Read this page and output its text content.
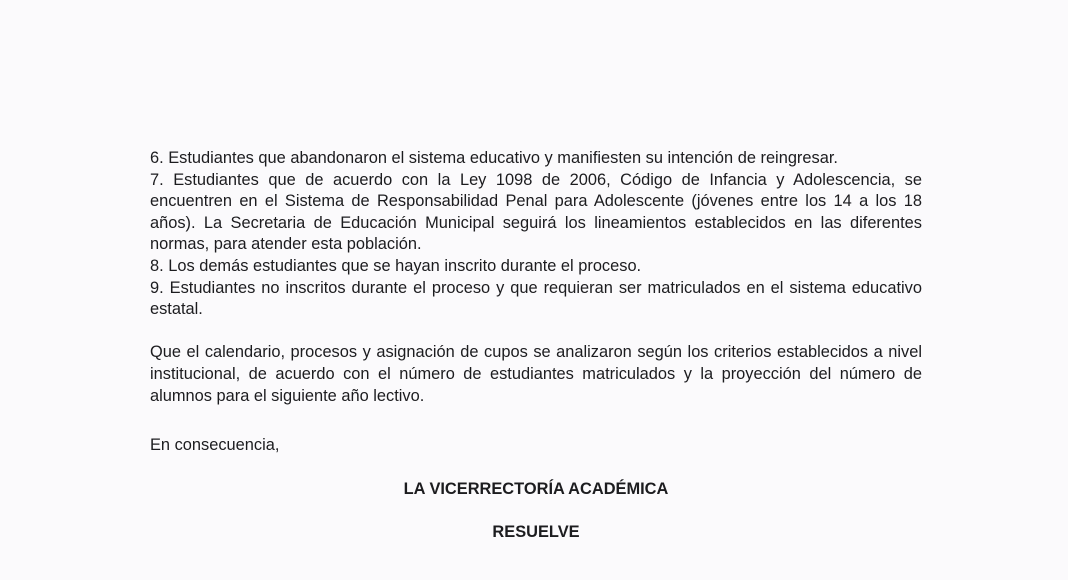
6. Estudiantes que abandonaron el sistema educativo y manifiesten su intención de reingresar.

7. Estudiantes que de acuerdo con la Ley 1098 de 2006, Código de Infancia y Adolescencia, se encuentren en el Sistema de Responsabilidad Penal para Adolescente (jóvenes entre los 14 a los 18 años). La Secretaria de Educación Municipal seguirá los lineamientos establecidos en las diferentes normas, para atender esta población.

8. Los demás estudiantes que se hayan inscrito durante el proceso.

9. Estudiantes no inscritos durante el proceso y que requieran ser matriculados en el sistema educativo estatal.

Que el calendario, procesos y asignación de cupos se analizaron según los criterios establecidos a nivel institucional, de acuerdo con el número de estudiantes matriculados y la proyección del número de alumnos para el siguiente año lectivo.

En consecuencia,

LA VICERRECTORÍA ACADÉMICA

RESUELVE
